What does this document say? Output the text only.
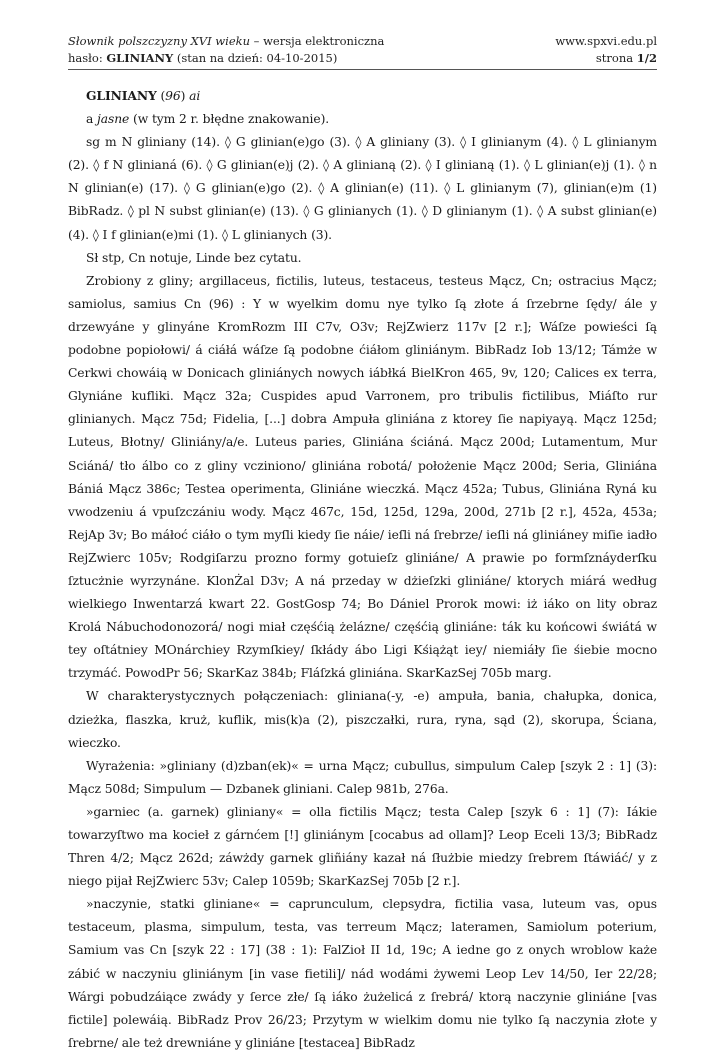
Słownik polszczyzny XVI wieku – wersja elektroniczna	www.spxvi.edu.pl
hasło: GLINIANY (stan na dzień: 04-10-2015)	strona 1/2

GLINIANY (96) ai

a jasne (w tym 2 r. błędne znakowanie).

sg m N gliniany (14). ◊ G glinian(e)go (3). ◊ A gliniany (3). ◊ I glinianym (4). ◊ L glinianym (2). ◊ f N glinianá (6). ◊ G glinian(e)j (2). ◊ A glinianą (2). ◊ I glinianą (1). ◊ L glinian(e)j (1). ◊ n N glinian(e) (17). ◊ G glinian(e)go (2). ◊ A glinian(e) (11). ◊ L glinianym (7), glinian(e)m (1) BibRadz. ◊ pl N subst glinian(e) (13). ◊ G glinianych (1). ◊ D glinianym (1). ◊ A subst glinian(e) (4). ◊ I f glinian(e)mi (1). ◊ L glinianych (3).

Sł stp, Cn notuje, Linde bez cytatu.

Zrobiony z gliny; argillaceus, fictilis, luteus, testaceus, testeus Mącz, Cn; ostracius Mącz; samiolus, samius Cn (96) : Y w wyelkim domu nye tylko ſą złote á ſrzebrne ſędy/ ále y drzewyáne y glinyáne KromRozm III C7v, O3v; RejZwierz 117v [2 r.]; Wáſze powieści ſą podobne popiołowi/ á ciáłá wáſze ſą podobne ćiáłom gliniánym. BibRadz Iob 13/12; Támże w Cerkwi chowáią w Donicach gliniánych nowych iábłká BielKron 465, 9v, 120; Calices ex terra, Glyniáne kufliki. Mącz 32a; Cuspides apud Varronem, pro tribulis fictilibus, Miáſto rur glinianych. Mącz 75d; Fidelia, [...] dobra Ampuła gliniána z ktorey ſie napiyayą. Mącz 125d; Luteus, Błotny/ Gliniány/a/e. Luteus paries, Gliniána ściáná. Mącz 200d; Lutamentum, Mur Sciáná/ tło álbo co z gliny vcziniono/ gliniána robotá/ położenie Mącz 200d; Seria, Gliniána Bániá Mącz 386c; Testea operimenta, Gliniáne wieczká. Mącz 452a; Tubus, Gliniána Ryná ku vwodzeniu á vpuſzczániu wody. Mącz 467c, 15d, 125d, 129a, 200d, 271b [2 r.], 452a, 453a; RejAp 3v; Bo máłoć ciáło o tym myſli kiedy ſie náie/ ieſli ná ſrebrze/ ieſli ná gliniáney miſie iadło RejZwierc 105v; Rodgiſarzu prozno formy gotuieſz gliniáne/ A prawie po formſznáyderſku ſztucżnie wyrzynáne. KlonŻal D3v; A ná przeday w dżieſzki gliniáne/ ktorych miárá według wielkiego Inwentarzá kwart 22. GostGosp 74; Bo Dániel Prorok mowi: iż iáko on lity obraz Krolá Nábuchodonozorá/ nogi miał częśćią żelázne/ częśćią gliniáne: ták ku końcowi świátá w tey oſtátniey MOnárchiey Rzymſkiey/ ſkłády ábo Ligi Kśiążąt iey/ niemiáły ſie śiebie mocno trzymáć. PowodPr 56; SkarKaz 384b; Fláſzká gliniána. SkarKazSej 705b marg.

W charakterystycznych połączeniach: gliniana(-y, -e) ampuła, bania, chałupka, donica, dzieżka, flaszka, kruż, kuflik, mis(k)a (2), piszczałki, rura, ryna, sąd (2), skorupa, Ściana, wieczko.

Wyrażenia: »gliniany (d)zban(ek)« = urna Mącz; cubullus, simpulum Calep [szyk 2 : 1] (3): Mącz 508d; Simpulum — Dzbanek gliniani. Calep 981b, 276a.

»garniec (a. garnek) gliniany« = olla fictilis Mącz; testa Calep [szyk 6 : 1] (7): Iákie towarzyſtwo ma kocieł z gárnćem [!] gliniánym [cocabus ad ollam]? Leop Eceli 13/3; BibRadz Thren 4/2; Mącz 262d; záwżdy garnek gliñiány kazał ná ſłużbie miedzy ſrebrem ſtáwiáć/ y z niego pijał RejZwierc 53v; Calep 1059b; SkarKazSej 705b [2 r.].

»naczynie, statki gliniane« = caprunculum, clepsydra, fictilia vasa, luteum vas, opus testaceum, plasma, simpulum, testa, vas terreum Mącz; lateramen, Samiolum poterium, Samium vas Cn [szyk 22 : 17] (38 : 1): FalZioł II 1d, 19c; A iedne go z onych wroblow każe zábić w naczyniu gliniánym [in vase fietili]/ nád wodámi żywemi Leop Lev 14/50, Ier 22/28; Wárgi pobudzáiące zwády y ſerce złe/ ſą iáko żużelicá z ſrebrá/ ktorą naczynie gliniáne [vas fictile] polewáią. BibRadz Prov 26/23; Przytym w wielkim domu nie tylko ſą naczynia złote y ſrebrne/ ale też drewniáne y gliniáne [testacea] BibRadz
